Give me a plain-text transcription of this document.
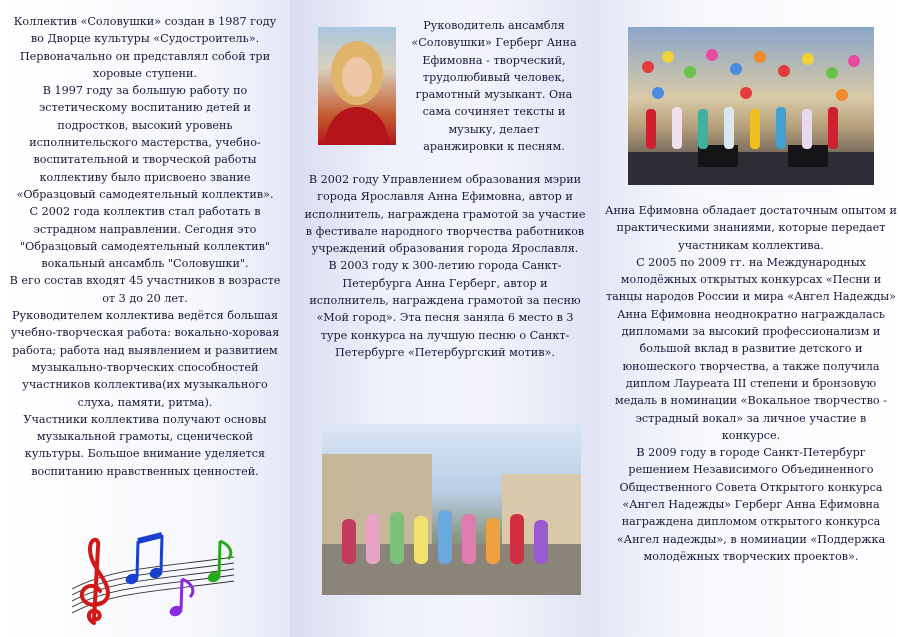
Коллектив «Соловушки» создан в 1987 году во Дворце культуры «Судостроитель». Первоначально он представлял собой три хоровые ступени.

В 1997 году за большую работу по эстетическому воспитанию детей и подростков, высокий уровень исполнительского мастерства, учебно-воспитательной и творческой работы коллективу было присвоено звание «Образцовый самодеятельный коллектив».

С 2002 года коллектив стал работать в эстрадном направлении. Сегодня это "Образцовый самодеятельный коллектив" вокальный ансамбль "Соловушки".

В его состав входят 45 участников в возрасте от 3 до 20 лет.

Руководителем коллектива ведётся большая учебно-творческая работа: вокально-хоровая работа; работа над выявлением и развитием музыкально-творческих способностей участников коллектива(их музыкального слуха, памяти, ритма).

Участники коллектива получают основы музыкальной грамоты, сценической культуры. Большое внимание уделяется воспитанию нравственных ценностей.

Руководитель ансамбля «Соловушки» Герберг Анна Ефимовна - творческий, трудолюбивый человек, грамотный музыкант. Она сама сочиняет тексты и музыку, делает аранжировки к песням.

В 2002 году Управлением образования мэрии города Ярославля Анна Ефимовна, автор и исполнитель, награждена грамотой за участие в фестивале народного творчества работников учреждений образования города Ярославля.

В 2003 году к 300-летию города Санкт-Петербурга Анна Герберг, автор и исполнитель, награждена грамотой за песню «Мой город». Эта песня заняла 6 место в 3 туре конкурса на лучшую песню о Санкт-Петербурге «Петербургский мотив».

Анна Ефимовна обладает достаточным опытом и практическими знаниями, которые передает участникам коллектива.

С 2005 по 2009 гг. на Международных молодёжных открытых конкурсах «Песни и танцы народов России и мира «Ангел Надежды» Анна Ефимовна неоднократно награждалась дипломами за высокий профессионализм и большой вклад в развитие детского и юношеского творчества, а также получила диплом Лауреата III степени и бронзовую медаль в номинации «Вокальное творчество - эстрадный вокал» за личное участие в конкурсе.

В 2009 году в городе Санкт-Петербург решением Независимого Объединенного Общественного Совета Открытого конкурса «Ангел Надежды» Герберг Анна Ефимовна награждена дипломом открытого конкурса «Ангел надежды», в номинации «Поддержка молодёжных творческих проектов».
